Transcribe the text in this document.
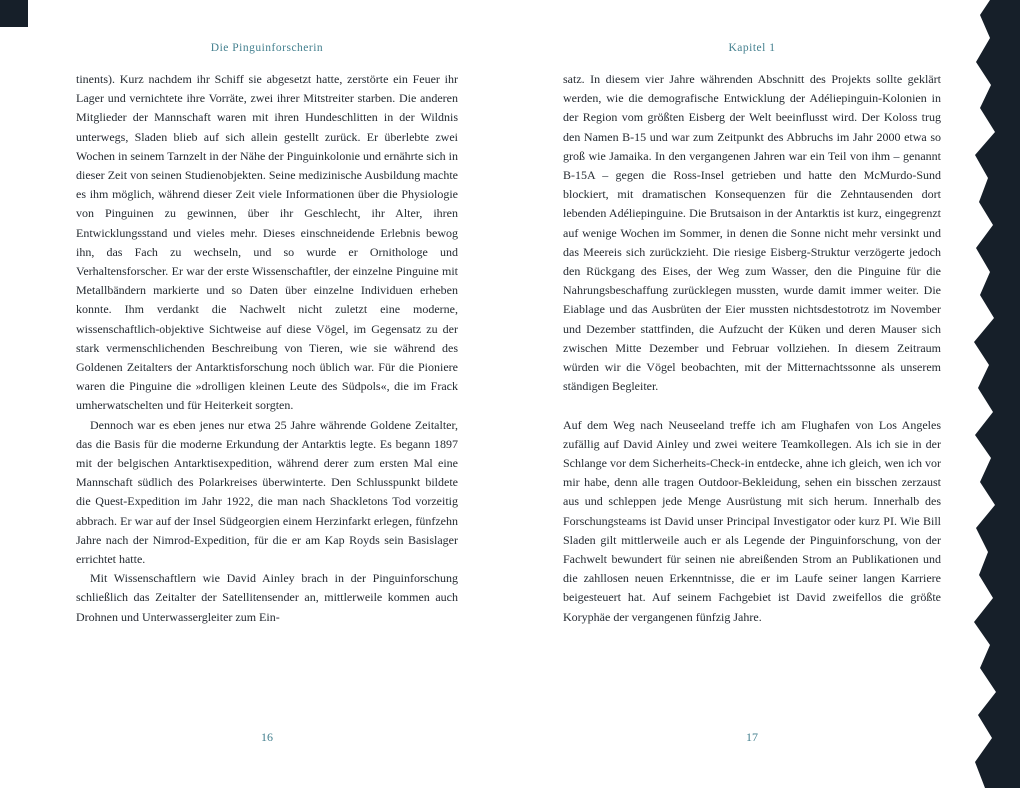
Die Pinguinforscherin

tinents). Kurz nachdem ihr Schiff sie abgesetzt hatte, zerstörte ein Feuer ihr Lager und vernichtete ihre Vorräte, zwei ihrer Mitstreiter starben. Die anderen Mitglieder der Mannschaft waren mit ihren Hundeschlitten in der Wildnis unterwegs, Sladen blieb auf sich allein gestellt zurück. Er überlebte zwei Wochen in seinem Tarnzelt in der Nähe der Pinguinkolonie und ernährte sich in dieser Zeit von seinen Studienobjekten. Seine medizinische Ausbildung machte es ihm möglich, während dieser Zeit viele Informationen über die Physiologie von Pinguinen zu gewinnen, über ihr Geschlecht, ihr Alter, ihren Entwicklungsstand und vieles mehr. Dieses einschneidende Erlebnis bewog ihn, das Fach zu wechseln, und so wurde er Ornithologe und Verhaltensforscher. Er war der erste Wissenschaftler, der einzelne Pinguine mit Metallbändern markierte und so Daten über einzelne Individuen erheben konnte. Ihm verdankt die Nachwelt nicht zuletzt eine moderne, wissenschaftlich-objektive Sichtweise auf diese Vögel, im Gegensatz zu der stark vermenschlichenden Beschreibung von Tieren, wie sie während des Goldenen Zeitalters der Antarktisforschung noch üblich war. Für die Pioniere waren die Pinguine die »drolligen kleinen Leute des Südpols«, die im Frack umherwatschelten und für Heiterkeit sorgten.

Dennoch war es eben jenes nur etwa 25 Jahre währende Goldene Zeitalter, das die Basis für die moderne Erkundung der Antarktis legte. Es begann 1897 mit der belgischen Antarktisexpedition, während derer zum ersten Mal eine Mannschaft südlich des Polarkreises überwinterte. Den Schlusspunkt bildete die Quest-Expedition im Jahr 1922, die man nach Shackletons Tod vorzeitig abbrach. Er war auf der Insel Südgeorgien einem Herzinfarkt erlegen, fünfzehn Jahre nach der Nimrod-Expedition, für die er am Kap Royds sein Basislager errichtet hatte.

Mit Wissenschaftlern wie David Ainley brach in der Pinguinforschung schließlich das Zeitalter der Satellitensender an, mittlerweile kommen auch Drohnen und Unterwassergleiter zum Ein-

16
Kapitel 1

satz. In diesem vier Jahre währenden Abschnitt des Projekts sollte geklärt werden, wie die demografische Entwicklung der Adéliepinguin-Kolonien in der Region vom größten Eisberg der Welt beeinflusst wird. Der Koloss trug den Namen B-15 und war zum Zeitpunkt des Abbruchs im Jahr 2000 etwa so groß wie Jamaika. In den vergangenen Jahren war ein Teil von ihm – genannt B-15A – gegen die Ross-Insel getrieben und hatte den McMurdo-Sund blockiert, mit dramatischen Konsequenzen für die Zehntausenden dort lebenden Adéliepinguine. Die Brutsaison in der Antarktis ist kurz, eingegrenzt auf wenige Wochen im Sommer, in denen die Sonne nicht mehr versinkt und das Meereis sich zurückzieht. Die riesige Eisberg-Struktur verzögerte jedoch den Rückgang des Eises, der Weg zum Wasser, den die Pinguine für die Nahrungsbeschaffung zurücklegen mussten, wurde damit immer weiter. Die Eiablage und das Ausbrüten der Eier mussten nichtsdestotrotz im November und Dezember stattfinden, die Aufzucht der Küken und deren Mauser sich zwischen Mitte Dezember und Februar vollziehen. In diesem Zeitraum würden wir die Vögel beobachten, mit der Mitternachtssonne als unserem ständigen Begleiter.

Auf dem Weg nach Neuseeland treffe ich am Flughafen von Los Angeles zufällig auf David Ainley und zwei weitere Teamkollegen. Als ich sie in der Schlange vor dem Sicherheits-Check-in entdecke, ahne ich gleich, wen ich vor mir habe, denn alle tragen Outdoor-Bekleidung, sehen ein bisschen zerzaust aus und schleppen jede Menge Ausrüstung mit sich herum. Innerhalb des Forschungsteams ist David unser Principal Investigator oder kurz PI. Wie Bill Sladen gilt mittlerweile auch er als Legende der Pinguinforschung, von der Fachwelt bewundert für seinen nie abreißenden Strom an Publikationen und die zahllosen neuen Erkenntnisse, die er im Laufe seiner langen Karriere beigesteuert hat. Auf seinem Fachgebiet ist David zweifellos die größte Koryphäe der vergangenen fünfzig Jahre.

17
